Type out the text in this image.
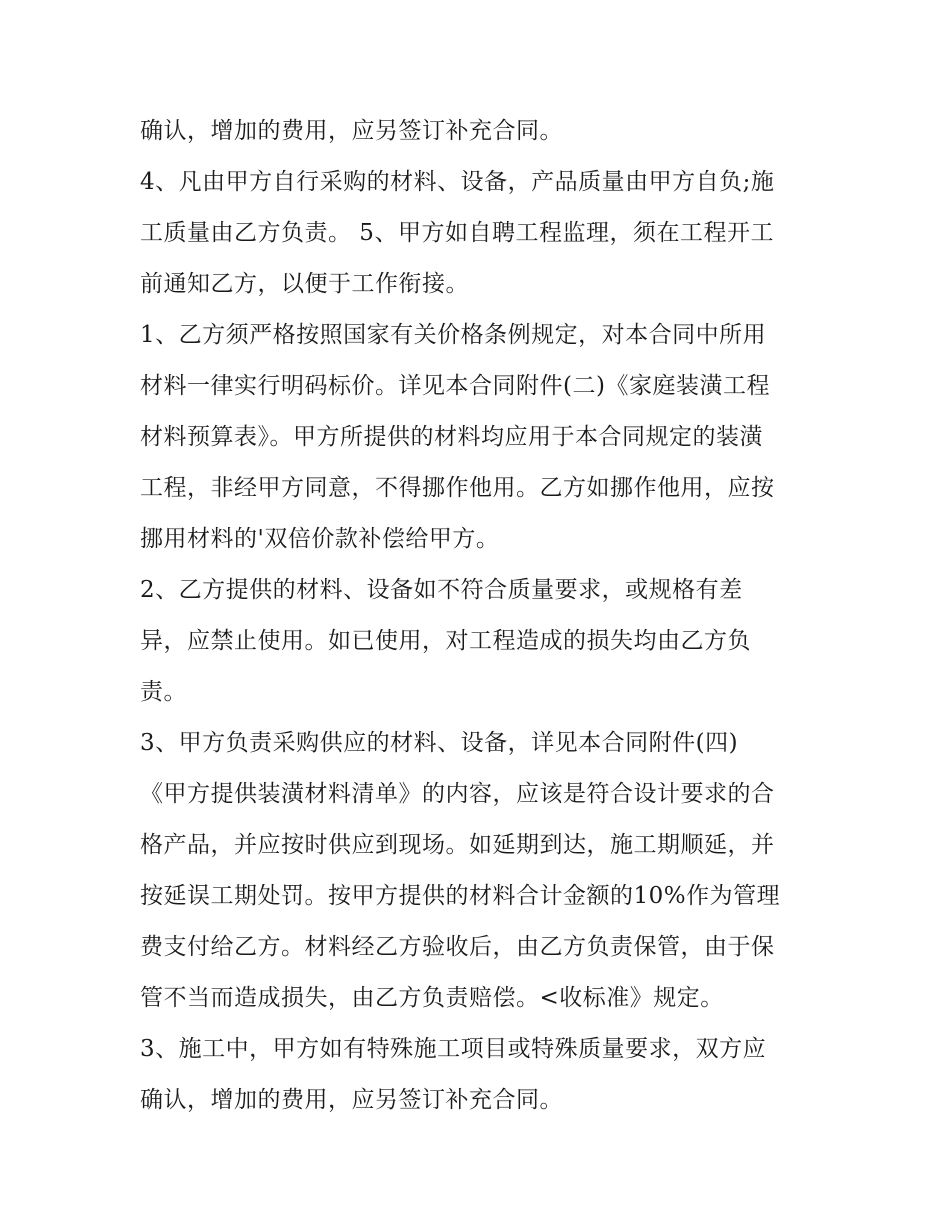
确认，增加的费用，应另签订补充合同。
4、凡由甲方自行采购的材料、设备，产品质量由甲方自负;施
工质量由乙方负责。 5、甲方如自聘工程监理，须在工程开工
前通知乙方，以便于工作衔接。
1、乙方须严格按照国家有关价格条例规定，对本合同中所用
材料一律实行明码标价。详见本合同附件(二)《家庭装潢工程
材料预算表》。甲方所提供的材料均应用于本合同规定的装潢
工程，非经甲方同意，不得挪作他用。乙方如挪作他用，应按
挪用材料的'双倍价款补偿给甲方。
2、乙方提供的材料、设备如不符合质量要求，或规格有差
异，应禁止使用。如已使用，对工程造成的损失均由乙方负
责。
3、甲方负责采购供应的材料、设备，详见本合同附件(四)
《甲方提供装潢材料清单》的内容，应该是符合设计要求的合
格产品，并应按时供应到现场。如延期到达，施工期顺延，并
按延误工期处罚。按甲方提供的材料合计金额的10%作为管理
费支付给乙方。材料经乙方验收后，由乙方负责保管，由于保
管不当而造成损失，由乙方负责赔偿。<收标准》规定。
3、施工中，甲方如有特殊施工项目或特殊质量要求，双方应
确认，增加的费用，应另签订补充合同。
